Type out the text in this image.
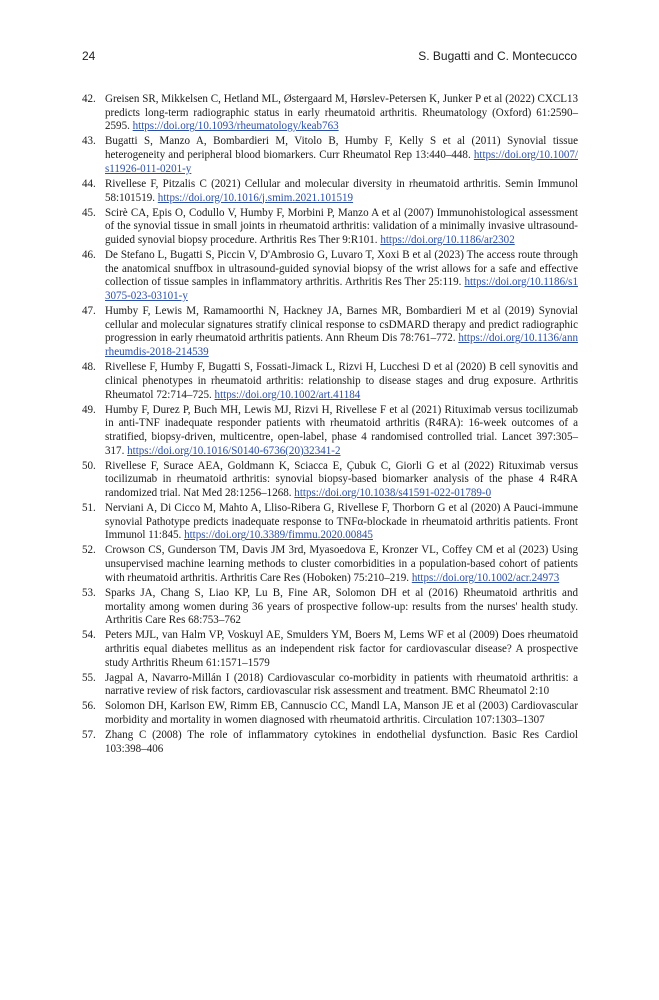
24	S. Bugatti and C. Montecucco
42. Greisen SR, Mikkelsen C, Hetland ML, Østergaard M, Hørslev-Petersen K, Junker P et al (2022) CXCL13 predicts long-term radiographic status in early rheumatoid arthritis. Rheumatology (Oxford) 61:2590–2595. https://doi.org/10.1093/rheumatology/keab763
43. Bugatti S, Manzo A, Bombardieri M, Vitolo B, Humby F, Kelly S et al (2011) Synovial tissue heterogeneity and peripheral blood biomarkers. Curr Rheumatol Rep 13:440–448. https://doi.org/10.1007/s11926-011-0201-y
44. Rivellese F, Pitzalis C (2021) Cellular and molecular diversity in rheumatoid arthritis. Semin Immunol 58:101519. https://doi.org/10.1016/j.smim.2021.101519
45. Scirè CA, Epis O, Codullo V, Humby F, Morbini P, Manzo A et al (2007) Immunohistological assessment of the synovial tissue in small joints in rheumatoid arthritis: validation of a minimally invasive ultrasound-guided synovial biopsy procedure. Arthritis Res Ther 9:R101. https://doi.org/10.1186/ar2302
46. De Stefano L, Bugatti S, Piccin V, D'Ambrosio G, Luvaro T, Xoxi B et al (2023) The access route through the anatomical snuffbox in ultrasound-guided synovial biopsy of the wrist allows for a safe and effective collection of tissue samples in inflammatory arthritis. Arthritis Res Ther 25:119. https://doi.org/10.1186/s13075-023-03101-y
47. Humby F, Lewis M, Ramamoorthi N, Hackney JA, Barnes MR, Bombardieri M et al (2019) Synovial cellular and molecular signatures stratify clinical response to csDMARD therapy and predict radiographic progression in early rheumatoid arthritis patients. Ann Rheum Dis 78:761–772. https://doi.org/10.1136/annrheumdis-2018-214539
48. Rivellese F, Humby F, Bugatti S, Fossati-Jimack L, Rizvi H, Lucchesi D et al (2020) B cell synovitis and clinical phenotypes in rheumatoid arthritis: relationship to disease stages and drug exposure. Arthritis Rheumatol 72:714–725. https://doi.org/10.1002/art.41184
49. Humby F, Durez P, Buch MH, Lewis MJ, Rizvi H, Rivellese F et al (2021) Rituximab versus tocilizumab in anti-TNF inadequate responder patients with rheumatoid arthritis (R4RA): 16-week outcomes of a stratified, biopsy-driven, multicentre, open-label, phase 4 randomised controlled trial. Lancet 397:305–317. https://doi.org/10.1016/S0140-6736(20)32341-2
50. Rivellese F, Surace AEA, Goldmann K, Sciacca E, Çubuk C, Giorli G et al (2022) Rituximab versus tocilizumab in rheumatoid arthritis: synovial biopsy-based biomarker analysis of the phase 4 R4RA randomized trial. Nat Med 28:1256–1268. https://doi.org/10.1038/s41591-022-01789-0
51. Nerviani A, Di Cicco M, Mahto A, Lliso-Ribera G, Rivellese F, Thorborn G et al (2020) A Pauci-immune synovial Pathotype predicts inadequate response to TNFα-blockade in rheumatoid arthritis patients. Front Immunol 11:845. https://doi.org/10.3389/fimmu.2020.00845
52. Crowson CS, Gunderson TM, Davis JM 3rd, Myasoedova E, Kronzer VL, Coffey CM et al (2023) Using unsupervised machine learning methods to cluster comorbidities in a population-based cohort of patients with rheumatoid arthritis. Arthritis Care Res (Hoboken) 75:210–219. https://doi.org/10.1002/acr.24973
53. Sparks JA, Chang S, Liao KP, Lu B, Fine AR, Solomon DH et al (2016) Rheumatoid arthritis and mortality among women during 36 years of prospective follow-up: results from the nurses' health study. Arthritis Care Res 68:753–762
54. Peters MJL, van Halm VP, Voskuyl AE, Smulders YM, Boers M, Lems WF et al (2009) Does rheumatoid arthritis equal diabetes mellitus as an independent risk factor for cardiovascular disease? A prospective study Arthritis Rheum 61:1571–1579
55. Jagpal A, Navarro-Millán I (2018) Cardiovascular co-morbidity in patients with rheumatoid arthritis: a narrative review of risk factors, cardiovascular risk assessment and treatment. BMC Rheumatol 2:10
56. Solomon DH, Karlson EW, Rimm EB, Cannuscio CC, Mandl LA, Manson JE et al (2003) Cardiovascular morbidity and mortality in women diagnosed with rheumatoid arthritis. Circulation 107:1303–1307
57. Zhang C (2008) The role of inflammatory cytokines in endothelial dysfunction. Basic Res Cardiol 103:398–406
